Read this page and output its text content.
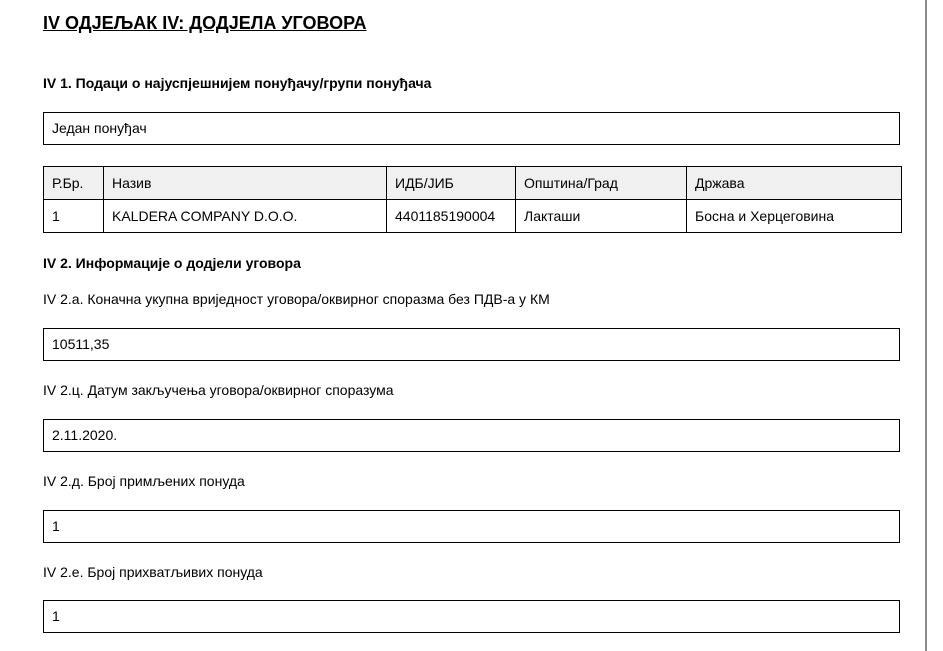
IV ОДЈЕЉАК IV: ДОДЈЕЛА УГОВОРА
IV 1. Подаци о најуспјешнијем понуђачу/групи понуђача
Један понуђач
Р.Бр.	Назив	ИДБ/ЈИБ	Општина/Град	Држава
1	KALDERA COMPANY D.O.O.	4401185190004	Лакташи	Босна и Херцеговина
IV 2. Информације о додјели уговора
IV 2.а. Коначна укупна вриједност уговора/оквирног споразма без ПДВ-а у КМ
10511,35
IV 2.ц. Датум закључења уговора/оквирног споразума
2.11.2020.
IV 2.д. Број примљених понуда
1
IV 2.е. Број прихватљивих понуда
1
